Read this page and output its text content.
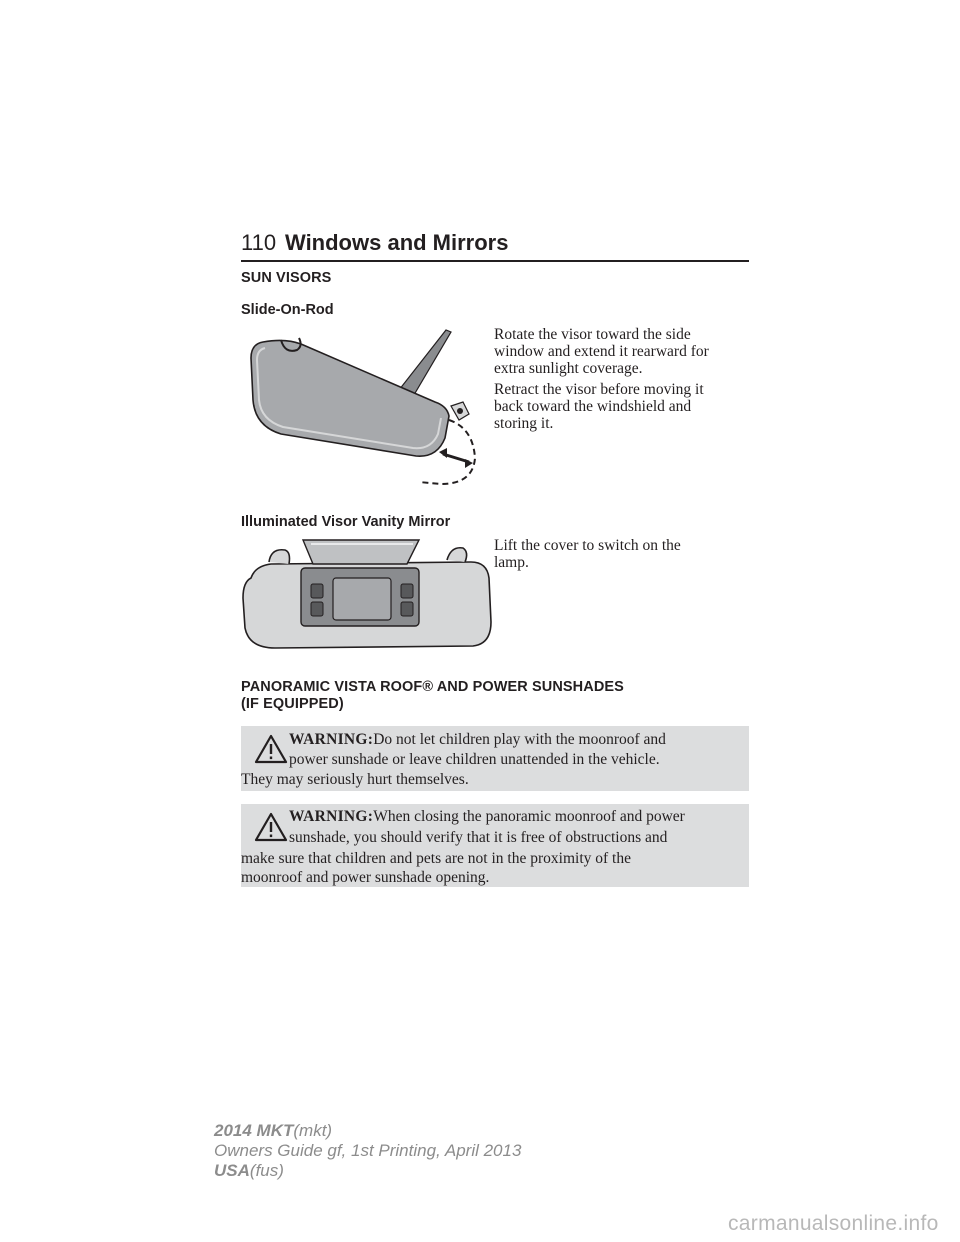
110 Windows and Mirrors
SUN VISORS
Slide-On-Rod
Rotate the visor toward the side
window and extend it rearward for
extra sunlight coverage.
Retract the visor before moving it
back toward the windshield and
storing it.
Illuminated Visor Vanity Mirror
Lift the cover to switch on the
lamp.
PANORAMIC VISTA ROOF® AND POWER SUNSHADES
(IF EQUIPPED)
WARNING:Do not let children play with the moonroof and
power sunshade or leave children unattended in the vehicle.
They may seriously hurt themselves.
WARNING:When closing the panoramic moonroof and power
sunshade, you should verify that it is free of obstructions and
make sure that children and pets are not in the proximity of the
moonroof and power sunshade opening.
2014 MKT(mkt)
Owners Guide gf, 1st Printing, April 2013
USA(fus)
carmanualsonline.info
